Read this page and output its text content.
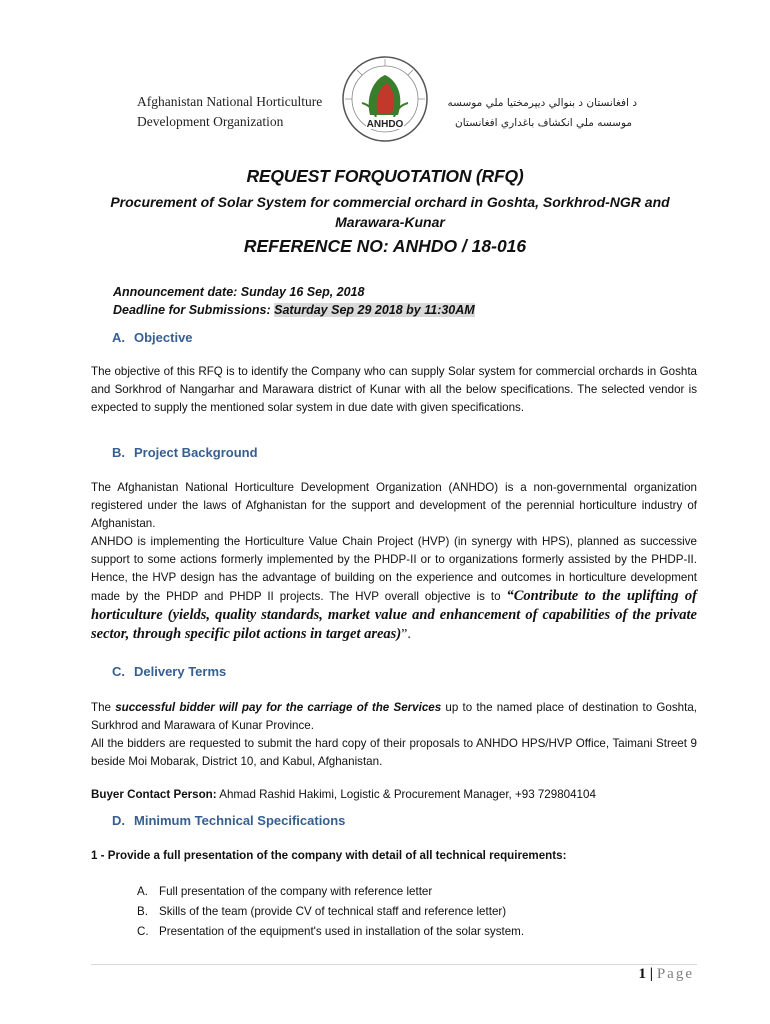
Afghanistan National Horticulture
Development Organization	ANHDO
د افغانستان د بنوالي ديپرمختيا ملي موسسه
موسسه ملي انكشاف باغداري افغانستان
REQUEST FORQUOTATION (RFQ)
Procurement of Solar System for commercial orchard in Goshta, Sorkhrod-NGR and Marawara-Kunar
REFERENCE NO: ANHDO / 18-016
Announcement date: Sunday 16 Sep, 2018
Deadline for Submissions: Saturday Sep 29 2018 by 11:30AM
A. Objective
The objective of this RFQ is to identify the Company who can supply Solar system for commercial orchards in Goshta and Sorkhrod of Nangarhar and Marawara district of Kunar with all the below specifications. The selected vendor is expected to supply the mentioned solar system in due date with given specifications.
B. Project Background
The Afghanistan National Horticulture Development Organization (ANHDO) is a non-governmental organization registered under the laws of Afghanistan for the support and development of the perennial horticulture industry of Afghanistan.
ANHDO is implementing the Horticulture Value Chain Project (HVP) (in synergy with HPS), planned as successive support to some actions formerly implemented by the PHDP-II or to organizations formerly assisted by the PHDP-II. Hence, the HVP design has the advantage of building on the experience and outcomes in horticulture development made by the PHDP and PHDP II projects. The HVP overall objective is to “Contribute to the uplifting of horticulture (yields, quality standards, market value and enhancement of capabilities of the private sector, through specific pilot actions in target areas)”.
C. Delivery Terms
The successful bidder will pay for the carriage of the Services up to the named place of destination to Goshta, Surkhrod and Marawara of Kunar Province.
All the bidders are requested to submit the hard copy of their proposals to ANHDO HPS/HVP Office, Taimani Street 9 beside Moi Mobarak, District 10, and Kabul, Afghanistan.
Buyer Contact Person: Ahmad Rashid Hakimi, Logistic & Procurement Manager, +93 729804104
D. Minimum Technical Specifications
1 - Provide a full presentation of the company with detail of all technical requirements:
A. Full presentation of the company with reference letter
B. Skills of the team (provide CV of technical staff and reference letter)
C. Presentation of the equipment's used in installation of the solar system.
1 | Page
